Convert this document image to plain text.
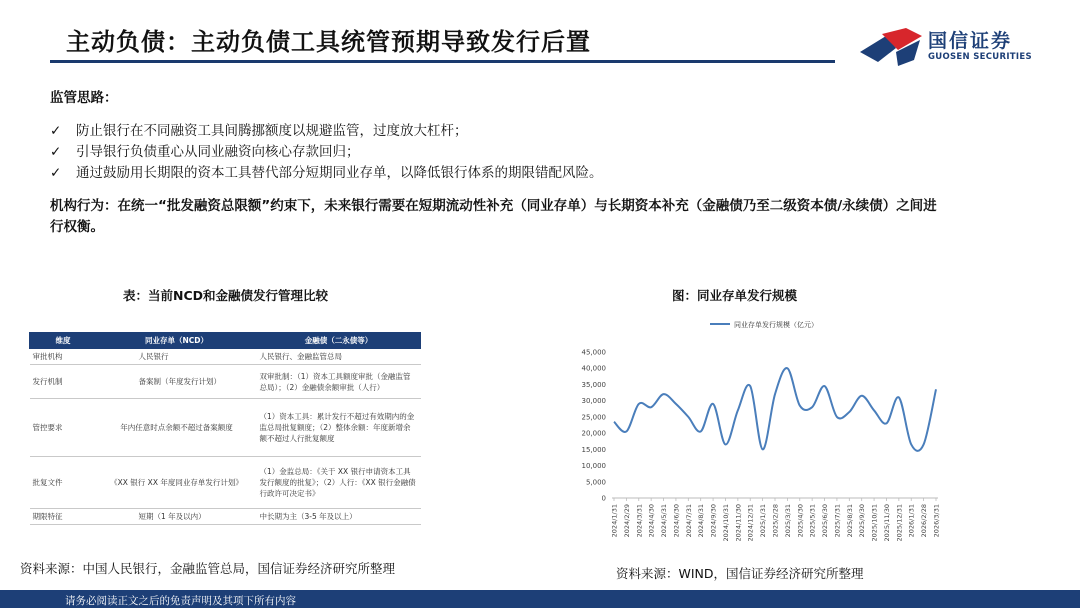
主动负债：主动负债工具统管预期导致发行后置	国信证券
GUOSEN SECURITIES
监管思路：
✓ 防止银行在不同融资工具间腾挪额度以规避监管，过度放大杠杆；
✓ 引导银行负债重心从同业融资向核心存款回归；
✓ 通过鼓励用长期限的资本工具替代部分短期同业存单，以降低银行体系的期限错配风险。
机构行为：在统一“批发融资总限额”约束下，未来银行需要在短期流动性补充（同业存单）与长期资本补充（金融债乃至二级资本债/永续债）之间进行权衡。
表：当前NCD和金融债发行管理比较	图：同业存单发行规模
维度	同业存单（NCD）	金融债（二永债等）
审批机构	人民银行	人民银行、金融监管总局
发行机制	备案制（年度发行计划）	双审批制：（1）资本工具额度审批（金融监管总局）；（2）金融债余额审批（人行）
管控要求	年内任意时点余额不超过备案额度	（1）资本工具：累计发行不超过有效期内的金监总局批复额度；（2）整体余额：年度新增余额不超过人行批复额度
批复文件	《XX 银行 XX 年度同业存单发行计划》	（1）金监总局：《关于 XX 银行申请资本工具发行额度的批复》；（2）人行：《XX 银行金融债行政许可决定书》
期限特征	短期（1 年及以内）	中长期为主（3-5 年及以上）
同业存单发行规模（亿元）
45,000
40,000
35,000
30,000
25,000
20,000
15,000
10,000
5,000
0
2024/1/31 2024/2/29 2024/3/31 2024/4/30 2024/5/31 2024/6/30 2024/7/31 2024/8/31 2024/9/30 2024/10/31 2024/11/30 2024/12/31 2025/1/31 2025/2/28 2025/3/31 2025/4/30 2025/5/31 2025/6/30 2025/7/31 2025/8/31 2025/9/30 2025/10/31 2025/11/30 2025/12/31 2026/1/31 2026/2/28 2026/3/31
资料来源：中国人民银行，金融监管总局，国信证券经济研究所整理	资料来源：WIND，国信证券经济研究所整理
请务必阅读正文之后的免责声明及其项下所有内容
